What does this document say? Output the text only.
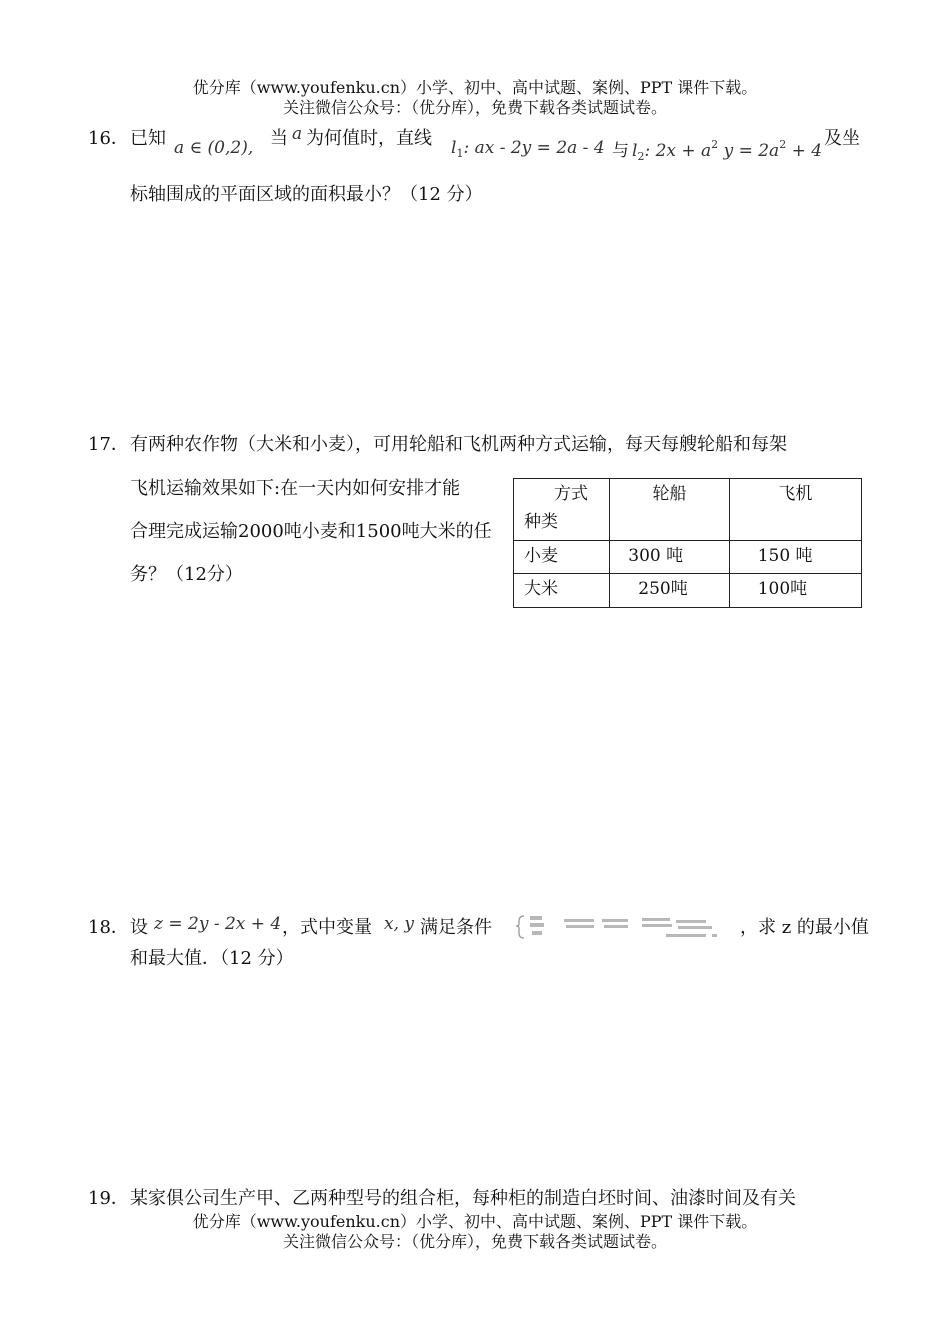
优分库（www.youfenku.cn）小学、初中、高中试题、案例、PPT 课件下载。
关注微信公众号：（优分库），免费下载各类试题试卷。
16． 已知 a ∈ (0,2), 当 a 为何值时，直线 $l_1$: ax - 2y = 2a - 4 与 $l_2$: $2x + a^2$ $y = 2a^2 + 4$
及坐
标轴围成的平面区域的面积最小？（12 分）
17． 有两种农作物（大米和小麦），可用轮船和飞机两种方式运输，每天每艘轮船和每架
飞机运输效果如下:在一天内如何安排才能
合理完成运输2000吨小麦和1500吨大米的任
务？（12分）
方式
种类	轮船	飞机
小麦	300 吨	150 吨
大米	250吨	100吨
18． 设 z = 2y - 2x + 4 ，式中变量 x, y 满足条件	，求 z 的最小值
和最大值．（12 分）
19． 某家俱公司生产甲、乙两种型号的组合柜，每种柜的制造白坯时间、油漆时间及有关
优分库（www.youfenku.cn）小学、初中、高中试题、案例、PPT 课件下载。
关注微信公众号：（优分库），免费下载各类试题试卷。
